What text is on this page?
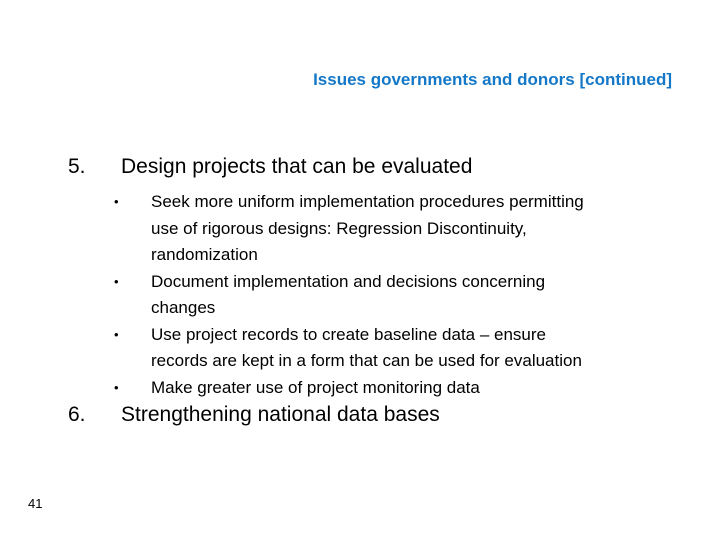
Issues governments and donors [continued]
5. Design projects that can be evaluated
•	Seek more uniform implementation procedures permitting
use of rigorous designs: Regression Discontinuity,
randomization
•	Document implementation and decisions concerning
changes
•	Use project records to create baseline data – ensure
records are kept in a form that can be used for evaluation
•	Make greater use of project monitoring data
6. Strengthening national data bases
41
